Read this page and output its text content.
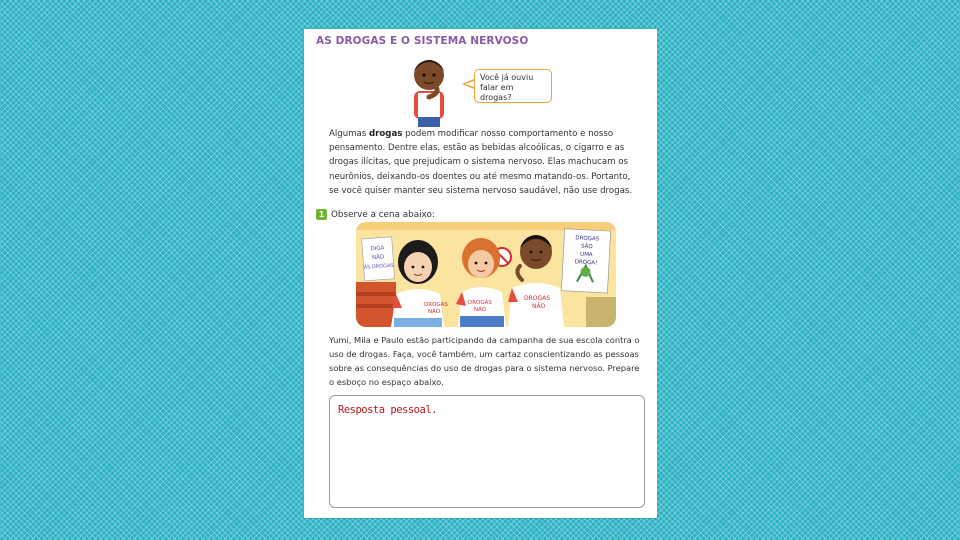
AS DROGAS E O SISTEMA NERVOSO
Você já ouviu falar em drogas?
Algumas drogas podem modificar nosso comportamento e nosso pensamento. Dentre elas, estão as bebidas alcoólicas, o cigarro e as drogas ilícitas, que prejudicam o sistema nervoso. Elas machucam os neurônios, deixando-os doentes ou até mesmo matando-os. Portanto, se você quiser manter seu sistema nervoso saudável, não use drogas.
1 Observe a cena abaixo:
DIGA
NÃO
ÀS DROGAS
DROGAS
SÃO
UMA
DROGA!
DROGAS
NÃO
DROGAS
NÃO
DROGAS
NÃO
Yumi, Mila e Paulo estão participando da campanha de sua escola contra o uso de drogas. Faça, você também, um cartaz conscientizando as pessoas sobre as consequências do uso de drogas para o sistema nervoso. Prepare o esboço no espaço abaixo.
Resposta pessoal.
